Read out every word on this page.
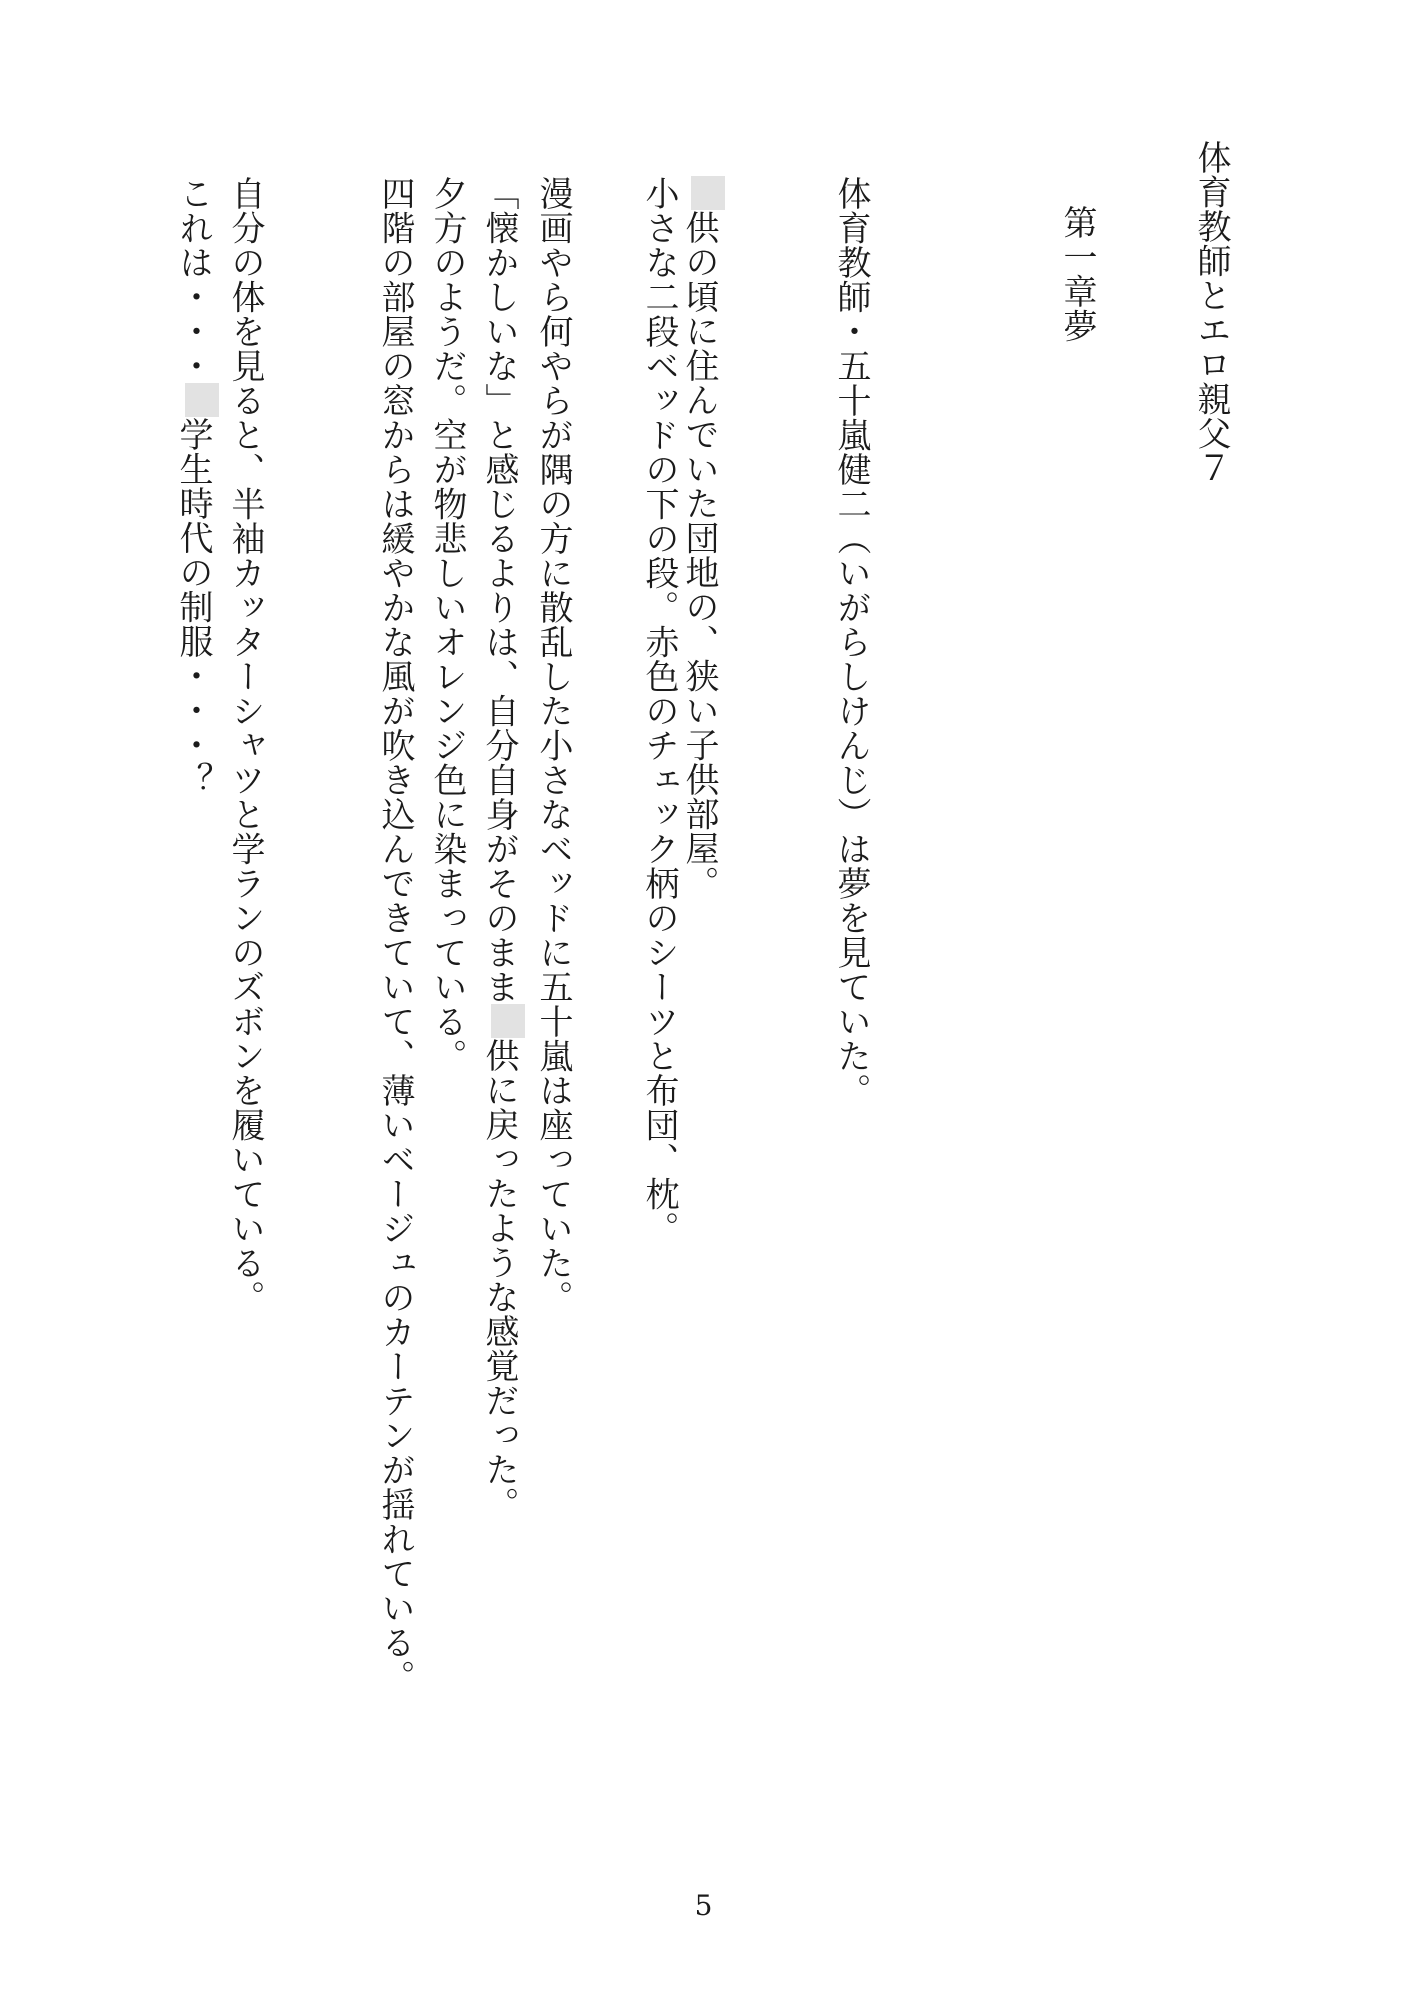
体育教師とエロ親父７
第一章夢
体育教師・五十嵐健二（いがらしけんじ）は夢を見ていた。
供の頃に住んでいた団地の、狭い子供部屋。
小さな二段ベッドの下の段。赤色のチェック柄のシーツと布団、枕。
漫画やら何やらが隅の方に散乱した小さなベッドに五十嵐は座っていた。
「懐かしいな」と感じるよりは、自分自身がそのまま供に戻ったような感覚だった。
夕方のようだ。空が物悲しいオレンジ色に染まっている。
四階の部屋の窓からは緩やかな風が吹き込んできていて、薄いベージュのカーテンが揺れている。
自分の体を見ると、半袖カッターシャツと学ランのズボンを履いている。
これは・・・学生時代の制服・・・？
5
